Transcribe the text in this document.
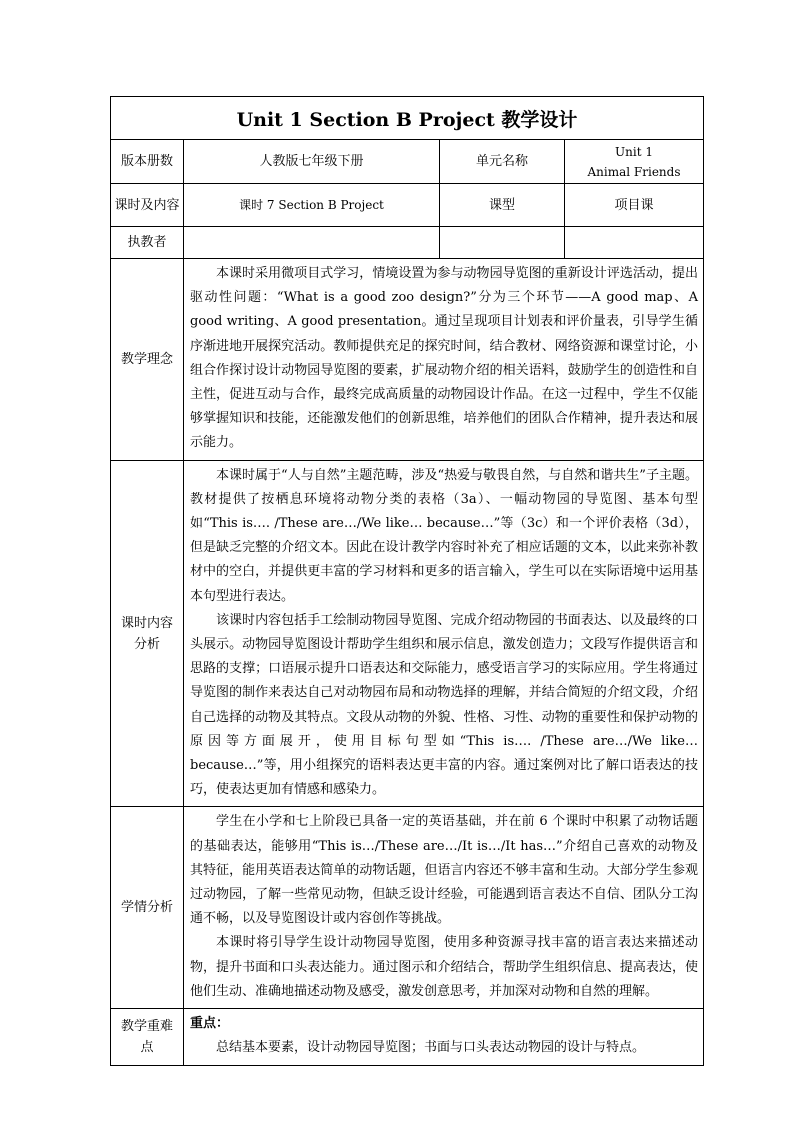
Unit 1 Section B Project 教学设计			
版本册数	人教版七年级下册	单元名称	Unit 1
Animal Friends

课时及内容	课时 7 Section B Project	课型	项目课
执教者			
教学理念	本课时采用微项目式学习，情境设置为参与动物园导览图的重新设计评选活动，提出驱动性问题：“What is a good zoo design?”分为三个环节——A good map、A good writing、A good presentation。通过呈现项目计划表和评价量表，引导学生循序渐进地开展探究活动。教师提供充足的探究时间，结合教材、网络资源和课堂讨论，小组合作探讨设计动物园导览图的要素，扩展动物介绍的相关语料，鼓励学生的创造性和自主性，促进互动与合作，最终完成高质量的动物园设计作品。在这一过程中，学生不仅能够掌握知识和技能，还能激发他们的创新思维，培养他们的团队合作精神，提升表达和展示能力。		

课时内容分析	本课时属于“人与自然”主题范畴，涉及“热爱与敬畏自然，与自然和谐共生”子主题。教材提供了按栖息环境将动物分类的表格（3a）、一幅动物园的导览图、基本句型如“This is…. /These are…/We like… because…”等（3c）和一个评价表格（3d），但是缺乏完整的介绍文本。因此在设计教学内容时补充了相应话题的文本，以此来弥补教材中的空白，并提供更丰富的学习材料和更多的语言输入，学生可以在实际语境中运用基本句型进行表达。

该课时内容包括手工绘制动物园导览图、完成介绍动物园的书面表达、以及最终的口头展示。动物园导览图设计帮助学生组织和展示信息，激发创造力；文段写作提供语言和思路的支撑；口语展示提升口语表达和交际能力，感受语言学习的实际应用。学生将通过导览图的制作来表达自己对动物园布局和动物选择的理解，并结合简短的介绍文段，介绍自己选择的动物及其特点。文段从动物的外貌、性格、习性、动物的重要性和保护动物的原因等方面展开，使用目标句型如“This is…. /These are…/We like… because…”等，用小组探究的语料表达更丰富的内容。通过案例对比了解口语表达的技巧，使表达更加有情感和感染力。		

学情分析	学生在小学和七上阶段已具备一定的英语基础，并在前 6 个课时中积累了动物话题的基础表达，能够用“This is…/These are…/It is…/It has…”介绍自己喜欢的动物及其特征，能用英语表达简单的动物话题，但语言内容还不够丰富和生动。大部分学生参观过动物园，了解一些常见动物，但缺乏设计经验，可能遇到语言表达不自信、团队分工沟通不畅，以及导览图设计或内容创作等挑战。

本课时将引导学生设计动物园导览图，使用多种资源寻找丰富的语言表达来描述动物，提升书面和口头表达能力。通过图示和介绍结合，帮助学生组织信息、提高表达，使他们生动、准确地描述动物及感受，激发创意思考，并加深对动物和自然的理解。		

教学重难点	重点：

总结基本要素，设计动物园导览图；书面与口头表达动物园的设计与特点。		
